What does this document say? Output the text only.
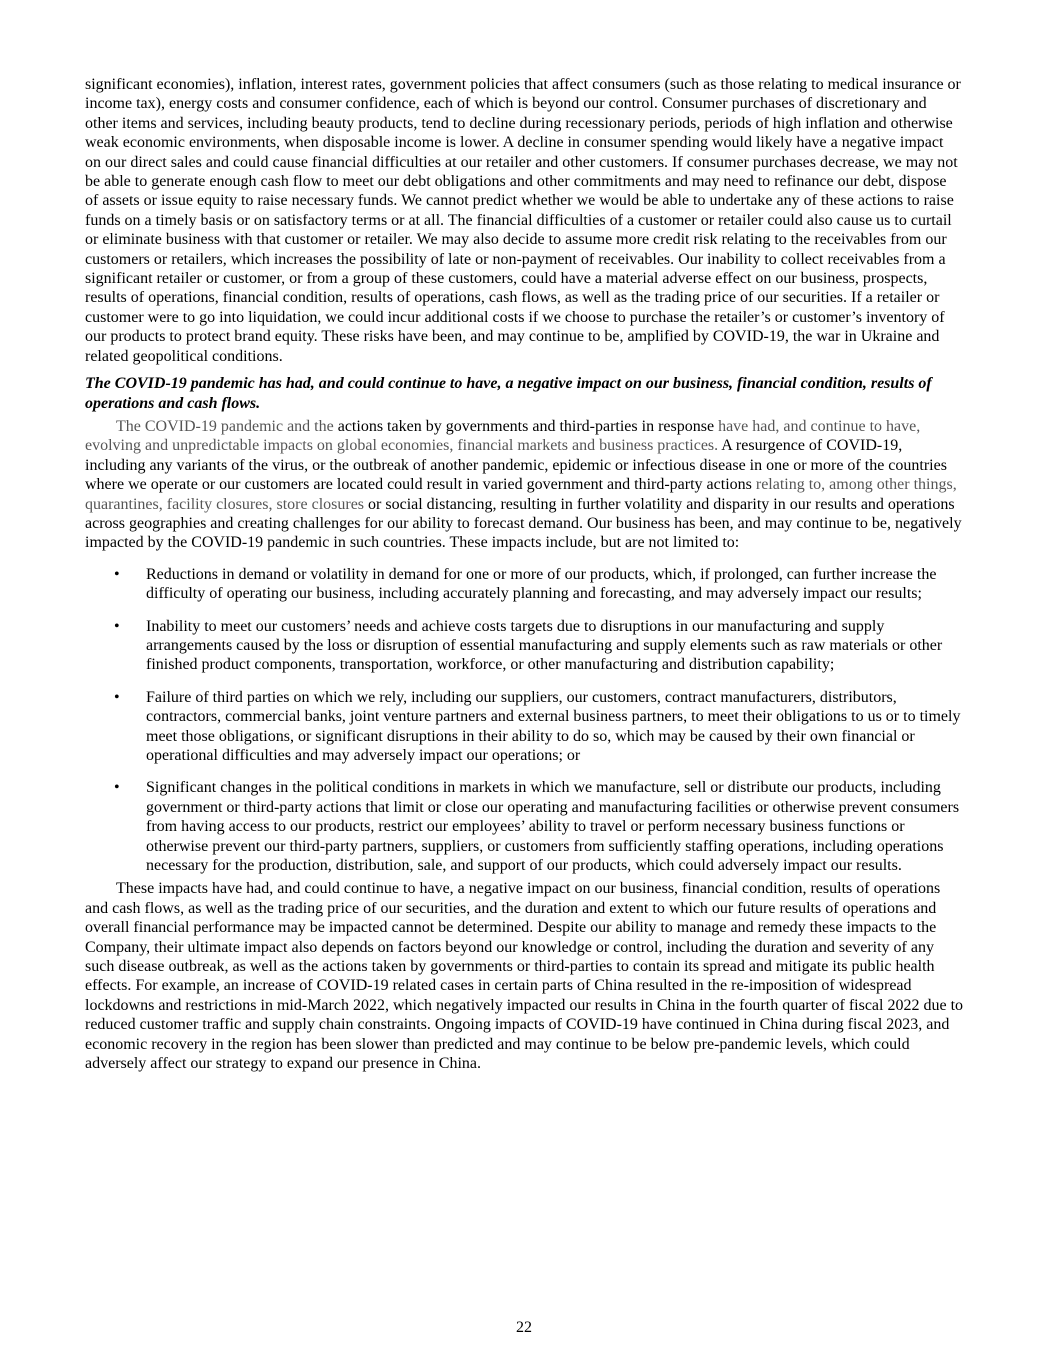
significant economies), inflation, interest rates, government policies that affect consumers (such as those relating to medical insurance or income tax), energy costs and consumer confidence, each of which is beyond our control. Consumer purchases of discretionary and other items and services, including beauty products, tend to decline during recessionary periods, periods of high inflation and otherwise weak economic environments, when disposable income is lower. A decline in consumer spending would likely have a negative impact on our direct sales and could cause financial difficulties at our retailer and other customers. If consumer purchases decrease, we may not be able to generate enough cash flow to meet our debt obligations and other commitments and may need to refinance our debt, dispose of assets or issue equity to raise necessary funds. We cannot predict whether we would be able to undertake any of these actions to raise funds on a timely basis or on satisfactory terms or at all. The financial difficulties of a customer or retailer could also cause us to curtail or eliminate business with that customer or retailer. We may also decide to assume more credit risk relating to the receivables from our customers or retailers, which increases the possibility of late or non-payment of receivables. Our inability to collect receivables from a significant retailer or customer, or from a group of these customers, could have a material adverse effect on our business, prospects, results of operations, financial condition, results of operations, cash flows, as well as the trading price of our securities. If a retailer or customer were to go into liquidation, we could incur additional costs if we choose to purchase the retailer’s or customer’s inventory of our products to protect brand equity. These risks have been, and may continue to be, amplified by COVID-19, the war in Ukraine and related geopolitical conditions.

The COVID-19 pandemic has had, and could continue to have, a negative impact on our business, financial condition, results of operations and cash flows.

The COVID-19 pandemic and the actions taken by governments and third-parties in response have had, and continue to have, evolving and unpredictable impacts on global economies, financial markets and business practices. A resurgence of COVID-19, including any variants of the virus, or the outbreak of another pandemic, epidemic or infectious disease in one or more of the countries where we operate or our customers are located could result in varied government and third-party actions relating to, among other things, quarantines, facility closures, store closures or social distancing, resulting in further volatility and disparity in our results and operations across geographies and creating challenges for our ability to forecast demand. Our business has been, and may continue to be, negatively impacted by the COVID-19 pandemic in such countries. These impacts include, but are not limited to:

• Reductions in demand or volatility in demand for one or more of our products, which, if prolonged, can further increase the difficulty of operating our business, including accurately planning and forecasting, and may adversely impact our results;
• Inability to meet our customers’ needs and achieve costs targets due to disruptions in our manufacturing and supply arrangements caused by the loss or disruption of essential manufacturing and supply elements such as raw materials or other finished product components, transportation, workforce, or other manufacturing and distribution capability;
• Failure of third parties on which we rely, including our suppliers, our customers, contract manufacturers, distributors, contractors, commercial banks, joint venture partners and external business partners, to meet their obligations to us or to timely meet those obligations, or significant disruptions in their ability to do so, which may be caused by their own financial or operational difficulties and may adversely impact our operations; or
• Significant changes in the political conditions in markets in which we manufacture, sell or distribute our products, including government or third-party actions that limit or close our operating and manufacturing facilities or otherwise prevent consumers from having access to our products, restrict our employees’ ability to travel or perform necessary business functions or otherwise prevent our third-party partners, suppliers, or customers from sufficiently staffing operations, including operations necessary for the production, distribution, sale, and support of our products, which could adversely impact our results.

These impacts have had, and could continue to have, a negative impact on our business, financial condition, results of operations and cash flows, as well as the trading price of our securities, and the duration and extent to which our future results of operations and overall financial performance may be impacted cannot be determined. Despite our ability to manage and remedy these impacts to the Company, their ultimate impact also depends on factors beyond our knowledge or control, including the duration and severity of any such disease outbreak, as well as the actions taken by governments or third-parties to contain its spread and mitigate its public health effects. For example, an increase of COVID-19 related cases in certain parts of China resulted in the re-imposition of widespread lockdowns and restrictions in mid-March 2022, which negatively impacted our results in China in the fourth quarter of fiscal 2022 due to reduced customer traffic and supply chain constraints. Ongoing impacts of COVID-19 have continued in China during fiscal 2023, and economic recovery in the region has been slower than predicted and may continue to be below pre-pandemic levels, which could adversely affect our strategy to expand our presence in China.

22
